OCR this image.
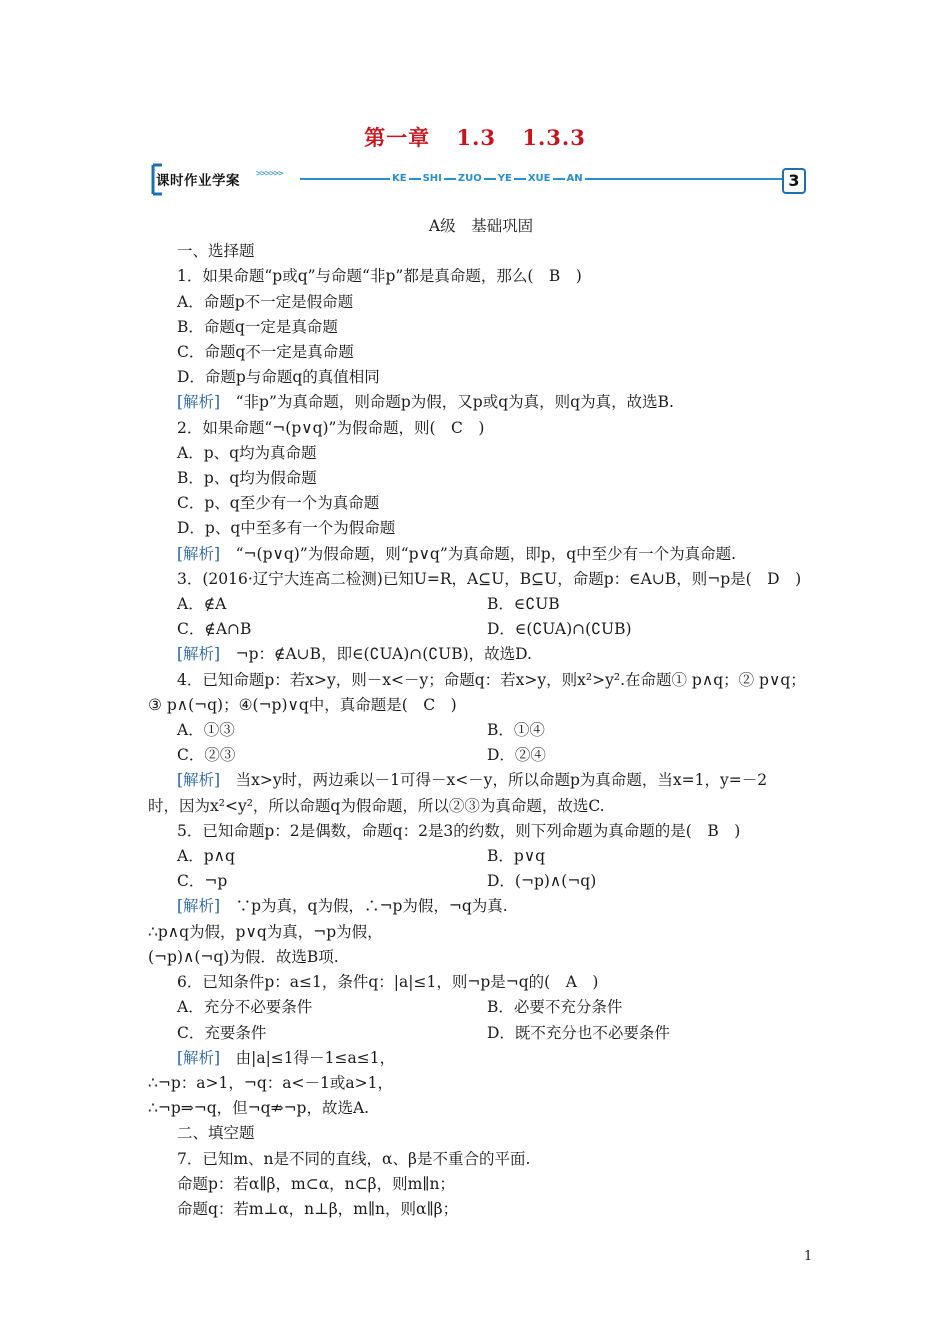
第一章 1.3 1.3.3
课时作业学案 >>>>>>	KE SHI ZUO YE XUE AN	3
A级　基础巩固
一、选择题
1．如果命题“p或q”与命题“非p”都是真命题，那么(　B　)
A．命题p不一定是假命题
B．命题q一定是真命题
C．命题q不一定是真命题
D．命题p与命题q的真值相同
[解析]　“非p”为真命题，则命题p为假，又p或q为真，则q为真，故选B.
2．如果命题“¬(p∨q)”为假命题，则(　C　)
A．p、q均为真命题
B．p、q均为假命题
C．p、q至少有一个为真命题
D．p、q中至多有一个为假命题
[解析]　“¬(p∨q)”为假命题，则“p∨q”为真命题，即p，q中至少有一个为真命题.
3．(2016·辽宁大连高二检测)已知U=R，A⊆U，B⊆U，命题p：∈A∪B，则¬p是(　D　)
A．∉A	B．∈∁UB
C．∉A∩B	D．∈(∁UA)∩(∁UB)
[解析]　¬p：∉A∪B，即∈(∁UA)∩(∁UB)，故选D.
4．已知命题p：若x>y，则－x<－y；命题q：若x>y，则x²>y².在命题① p∧q；② p∨q；
③ p∧(¬q)；④(¬p)∨q中，真命题是(　C　)
A．①③	B．①④
C．②③	D．②④
[解析]　当x>y时，两边乘以－1可得－x<－y，所以命题p为真命题，当x=1，y=－2
时，因为x²<y²，所以命题q为假命题，所以②③为真命题，故选C.
5．已知命题p：2是偶数，命题q：2是3的约数，则下列命题为真命题的是(　B　)
A．p∧q	B．p∨q
C．¬p	D．(¬p)∧(¬q)
[解析]　∵p为真，q为假，∴¬p为假，¬q为真.
∴p∧q为假，p∨q为真，¬p为假，
(¬p)∧(¬q)为假．故选B项.
6．已知条件p：a≤1，条件q：|a|≤1，则¬p是¬q的(　A　)
A．充分不必要条件	B．必要不充分条件
C．充要条件	D．既不充分也不必要条件
[解析]　由|a|≤1得－1≤a≤1，
∴¬p：a>1，¬q：a<－1或a>1，
∴¬p⇒¬q，但¬q⇏¬p，故选A.
二、填空题
7．已知m、n是不同的直线，α、β是不重合的平面.
命题p：若α∥β，m⊂α，n⊂β，则m∥n；
命题q：若m⊥α，n⊥β，m∥n，则α∥β；
1
